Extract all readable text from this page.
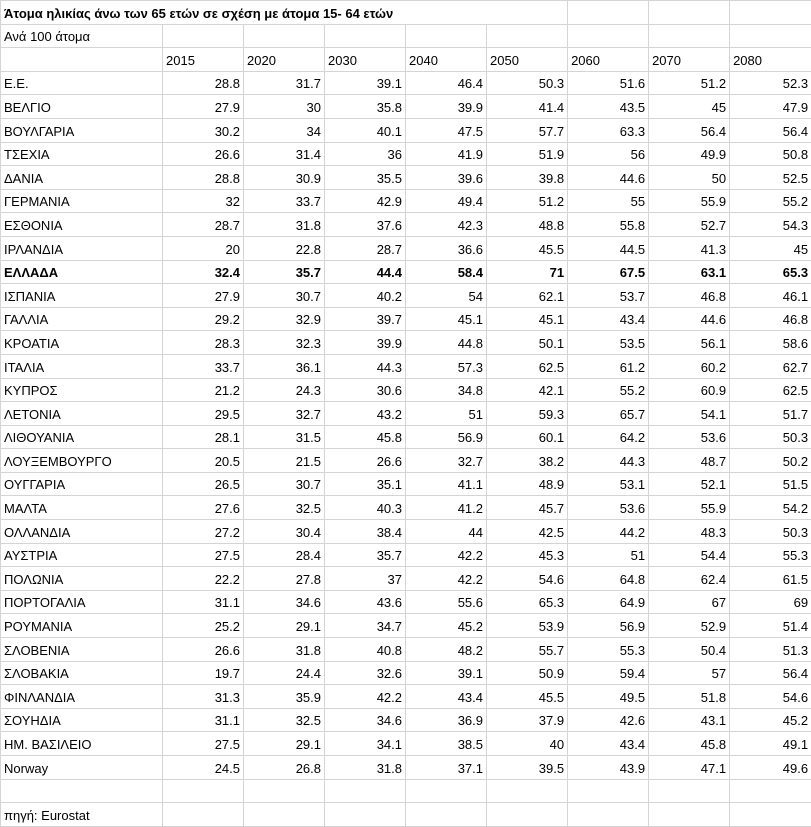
Άτομα ηλικίας άνω των 65 ετών σε σχέση με άτομα 15- 64 ετών								
Ανά 100 άτομα								
	2015	2020	2030	2040	2050	2060	2070	2080
Ε.Ε.	28.8	31.7	39.1	46.4	50.3	51.6	51.2	52.3
ΒΕΛΓΙΟ	27.9	30	35.8	39.9	41.4	43.5	45	47.9
ΒΟΥΛΓΑΡΙΑ	30.2	34	40.1	47.5	57.7	63.3	56.4	56.4
ΤΣΕΧΙΑ	26.6	31.4	36	41.9	51.9	56	49.9	50.8
ΔΑΝΙΑ	28.8	30.9	35.5	39.6	39.8	44.6	50	52.5
ΓΕΡΜΑΝΙΑ	32	33.7	42.9	49.4	51.2	55	55.9	55.2
ΕΣΘΟΝΙΑ	28.7	31.8	37.6	42.3	48.8	55.8	52.7	54.3
ΙΡΛΑΝΔΙΑ	20	22.8	28.7	36.6	45.5	44.5	41.3	45
ΕΛΛΑΔΑ	32.4	35.7	44.4	58.4	71	67.5	63.1	65.3
ΙΣΠΑΝΙΑ	27.9	30.7	40.2	54	62.1	53.7	46.8	46.1
ΓΑΛΛΙΑ	29.2	32.9	39.7	45.1	45.1	43.4	44.6	46.8
ΚΡΟΑΤΙΑ	28.3	32.3	39.9	44.8	50.1	53.5	56.1	58.6
ΙΤΑΛΙΑ	33.7	36.1	44.3	57.3	62.5	61.2	60.2	62.7
ΚΥΠΡΟΣ	21.2	24.3	30.6	34.8	42.1	55.2	60.9	62.5
ΛΕΤΟΝΙΑ	29.5	32.7	43.2	51	59.3	65.7	54.1	51.7
ΛΙΘΟΥΑΝΙΑ	28.1	31.5	45.8	56.9	60.1	64.2	53.6	50.3
ΛΟΥΞΕΜΒΟΥΡΓΟ	20.5	21.5	26.6	32.7	38.2	44.3	48.7	50.2
ΟΥΓΓΑΡΙΑ	26.5	30.7	35.1	41.1	48.9	53.1	52.1	51.5
ΜΑΛΤΑ	27.6	32.5	40.3	41.2	45.7	53.6	55.9	54.2
ΟΛΛΑΝΔΙΑ	27.2	30.4	38.4	44	42.5	44.2	48.3	50.3
ΑΥΣΤΡΙΑ	27.5	28.4	35.7	42.2	45.3	51	54.4	55.3
ΠΟΛΩΝΙΑ	22.2	27.8	37	42.2	54.6	64.8	62.4	61.5
ΠΟΡΤΟΓΑΛΙΑ	31.1	34.6	43.6	55.6	65.3	64.9	67	69
ΡΟΥΜΑΝΙΑ	25.2	29.1	34.7	45.2	53.9	56.9	52.9	51.4
ΣΛΟΒΕΝΙΑ	26.6	31.8	40.8	48.2	55.7	55.3	50.4	51.3
ΣΛΟΒΑΚΙΑ	19.7	24.4	32.6	39.1	50.9	59.4	57	56.4
ΦΙΝΛΑΝΔΙΑ	31.3	35.9	42.2	43.4	45.5	49.5	51.8	54.6
ΣΟΥΗΔΙΑ	31.1	32.5	34.6	36.9	37.9	42.6	43.1	45.2
ΗΜ. ΒΑΣΙΛΕΙΟ	27.5	29.1	34.1	38.5	40	43.4	45.8	49.1
Norway	24.5	26.8	31.8	37.1	39.5	43.9	47.1	49.6

πηγή: Eurostat								
